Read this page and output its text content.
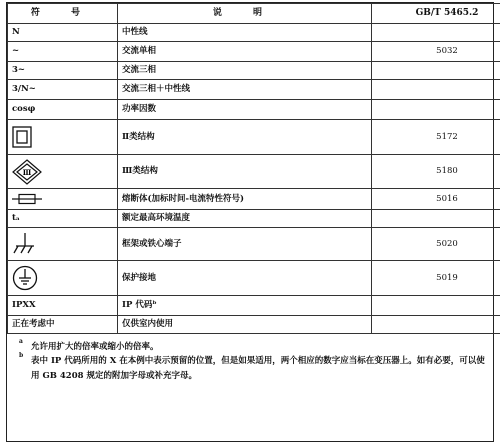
符 号	说 明	GB/T 5465.2
N	中性线	
~	交流单相	5032
3~	交流三相	
3/N~	交流三相＋中性线	
cosφ	功率因数	
	Ⅱ类结构	5172

Ⅲ	Ⅲ类结构	5180
	熔断体(加标时间-电流特性符号)	5016
tₐ	额定最高环境温度	
	框架或铁心端子	5020
	保护接地	5019
IPXX	IP 代码ᵇ	
正在考虑中	仅供室内使用	
a
允许用扩大的倍率或缩小的倍率。
b
表中 IP 代码所用的 X 在本例中表示预留的位置，但是如果适用，两个相应的数字应当标在变压器上。如有必要，可以使用 GB 4208 规定的附加字母或补充字母。
